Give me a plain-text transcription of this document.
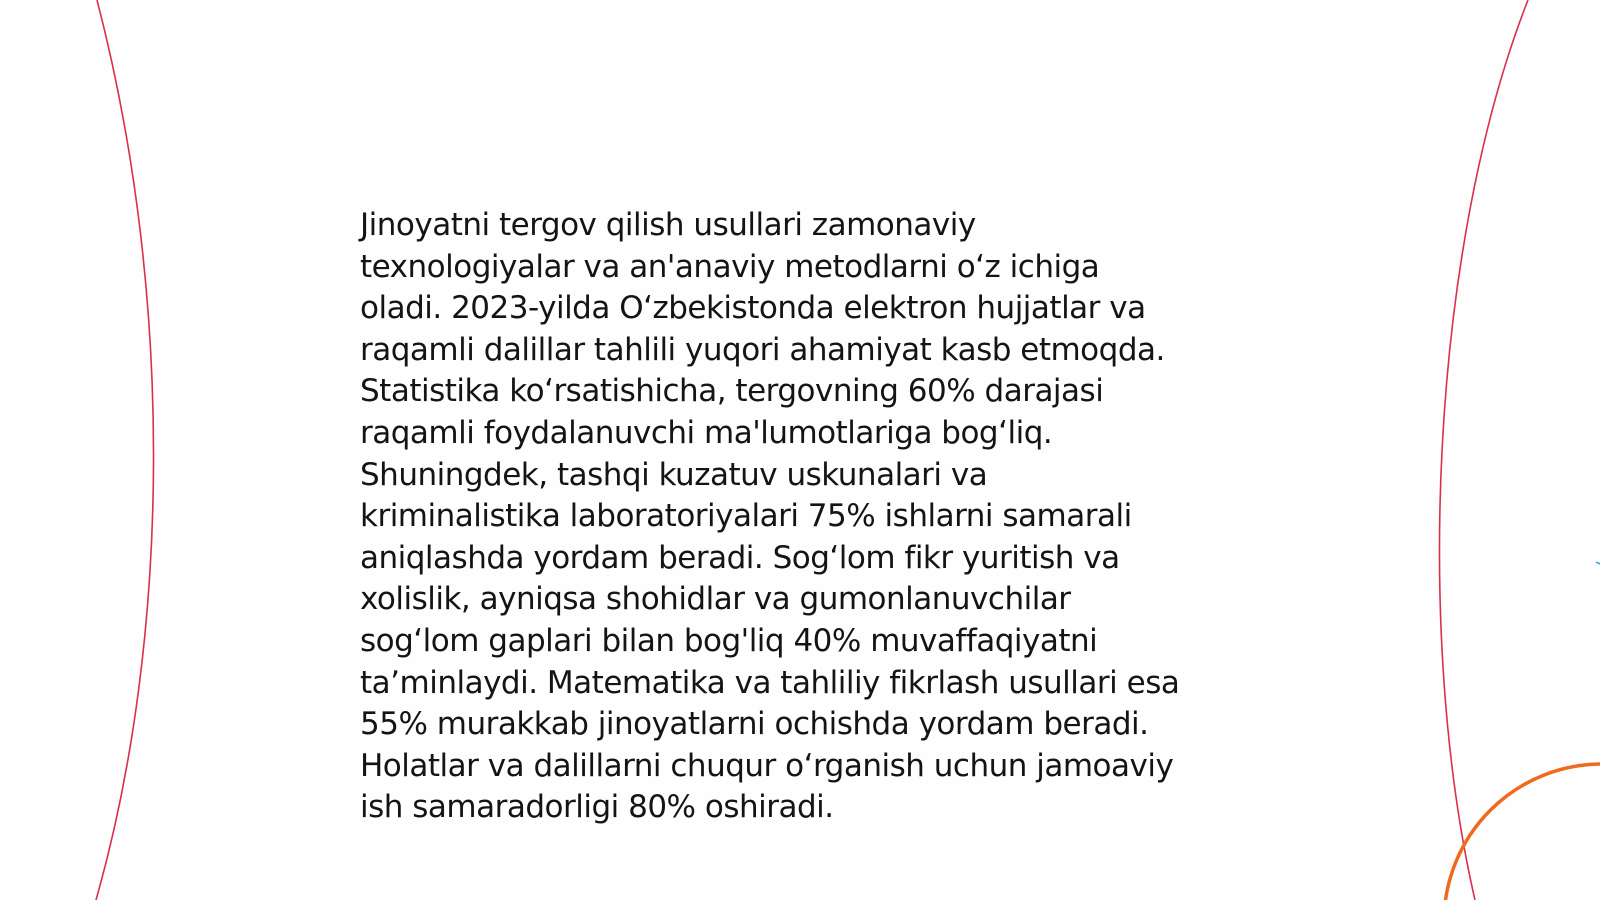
Jinoyatni tergov qilish usullari zamonaviy
texnologiyalar va an'anaviy metodlarni o‘z ichiga
oladi. 2023-yilda O‘zbekistonda elektron hujjatlar va
raqamli dalillar tahlili yuqori ahamiyat kasb etmoqda.
Statistika ko‘rsatishicha, tergovning 60% darajasi
raqamli foydalanuvchi ma'lumotlariga bog‘liq.
Shuningdek, tashqi kuzatuv uskunalari va
kriminalistika laboratoriyalari 75% ishlarni samarali
aniqlashda yordam beradi. Sog‘lom fikr yuritish va
xolislik, ayniqsa shohidlar va gumonlanuvchilar
sog‘lom gaplari bilan bog'liq 40% muvaffaqiyatni
ta’minlaydi. Matematika va tahliliy fikrlash usullari esa
55% murakkab jinoyatlarni ochishda yordam beradi.
Holatlar va dalillarni chuqur o‘rganish uchun jamoaviy
ish samaradorligi 80% oshiradi.
